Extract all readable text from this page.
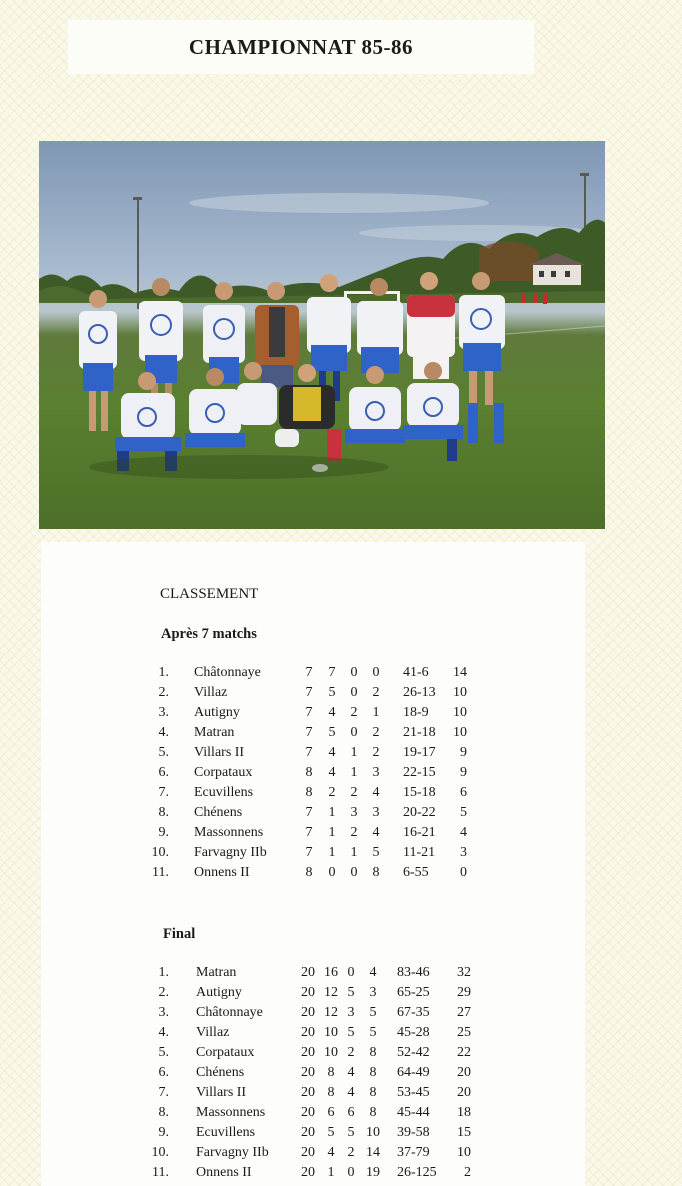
CHAMPIONNAT 85-86
CLASSEMENT
Après 7 matchs
1. Châtonnaye	7 7 0 0 41-6	14
2. Villaz	7 5 0 2 26-13	10
3. Autigny	7 4 2 1 18-9	10
4. Matran	7 5 0 2 21-18	10
5. Villars II	7 4 1 2 19-17	9
6. Corpataux	8 4 1 3 22-15	9
7. Ecuvillens	8 2 2 4 15-18	6
8. Chénens	7 1 3 3 20-22	5
9. Massonnens	7 1 2 4 16-21	4
10. Farvagny IIb	7 1 1 5 11-21	3
11. Onnens II	8 0 0 8 6-55	0
Final
1. Matran	20 16 0	4	83-46	32
2. Autigny	20 12 5	3	65-25	29
3. Châtonnaye	20 12 3	5	67-35	27
4. Villaz	20 10 5	5	45-28	25
5. Corpataux	20 10 2	8	52-42	22
6. Chénens	20 8 4	8	64-49	20
7. Villars II	20 8 4	8	53-45	20
8. Massonnens	20 6 6	8	45-44	18
9. Ecuvillens	20 5 5 10	39-58	15
10. Farvagny IIb 20 4 2 14	37-79	10
11. Onnens II	20 1 0 19	26-125	2
